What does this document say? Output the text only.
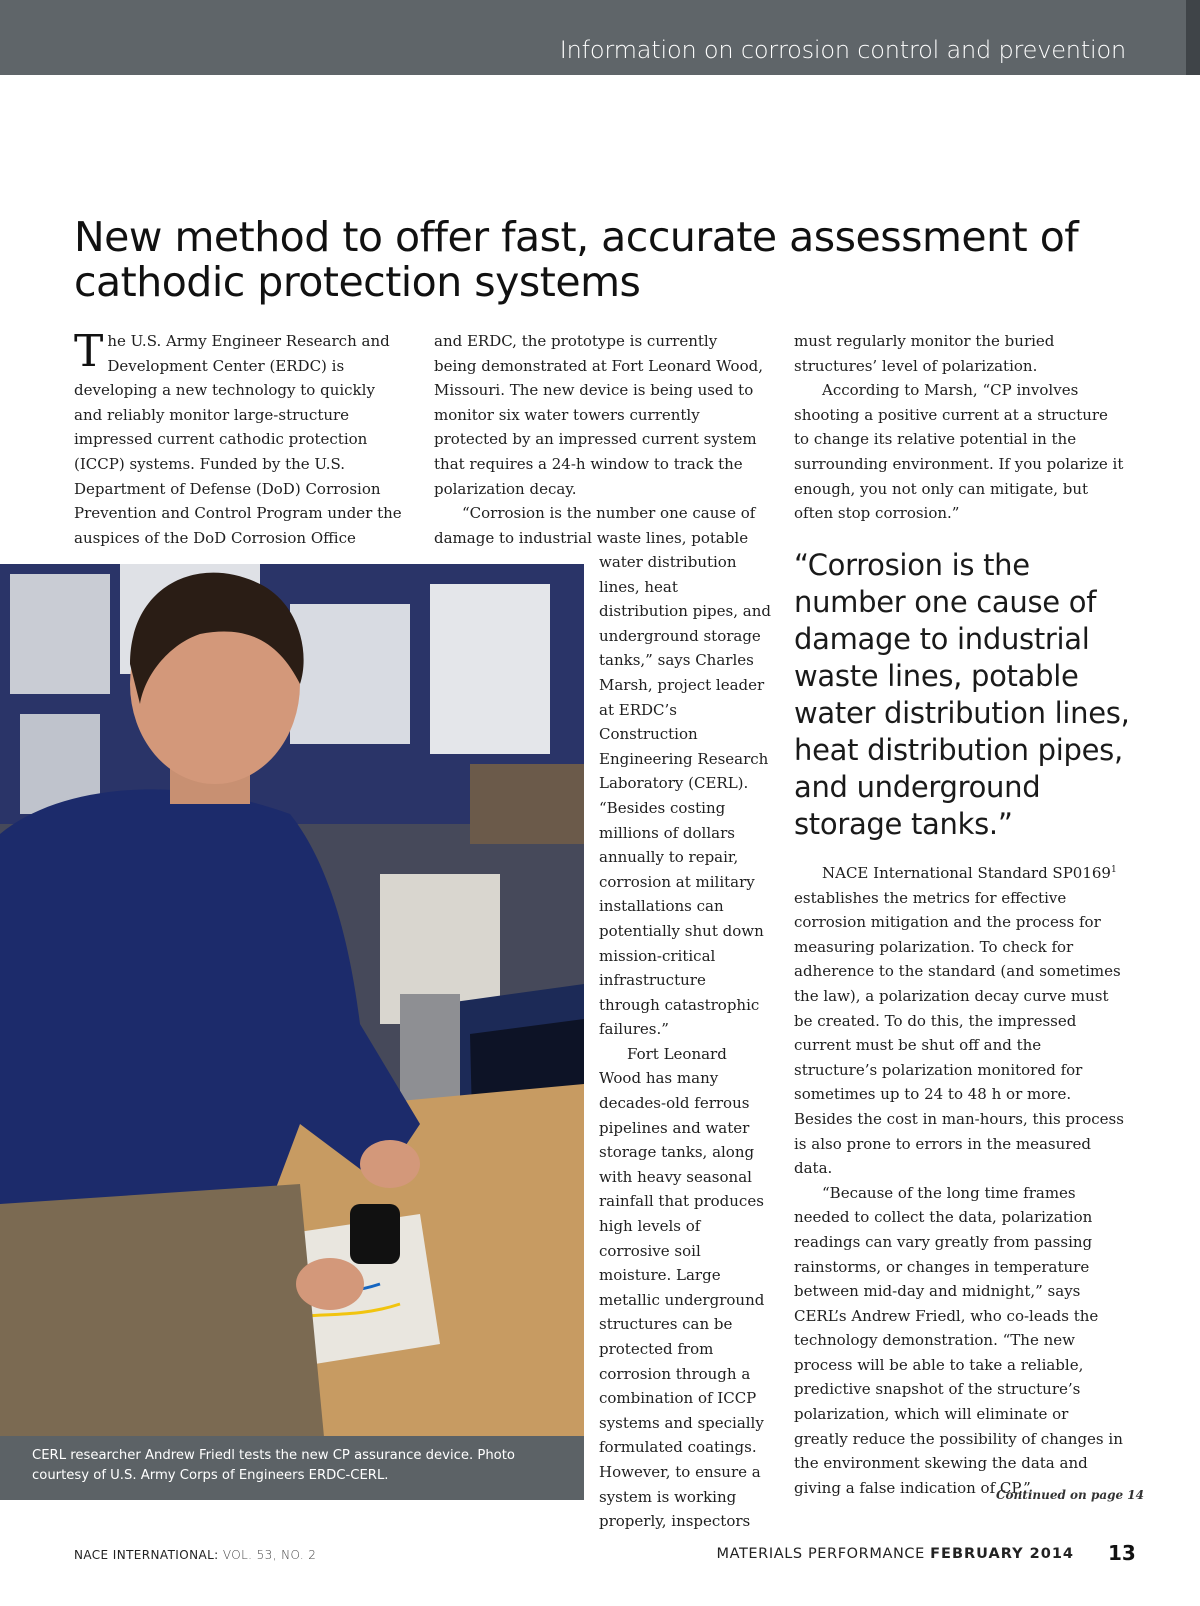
Information on corrosion control and prevention
New method to offer fast, accurate assessment of cathodic protection systems

The U.S. Army Engineer Research and Development Center (ERDC) is developing a new technology to quickly and reliably monitor large-structure impressed current cathodic protection (ICCP) systems. Funded by the U.S. Department of Defense (DoD) Corrosion Prevention and Control Program under the auspices of the DoD Corrosion Office

and ERDC, the prototype is currently being demonstrated at Fort Leonard Wood, Missouri. The new device is being used to monitor six water towers currently protected by an impressed current system that requires a 24-h window to track the polarization decay.

“Corrosion is the number one cause of damage to industrial waste lines, potable

water distribution lines, heat distribution pipes, and underground storage tanks,” says Charles Marsh, project leader at ERDC’s Construction Engineering Research Laboratory (CERL). “Besides costing millions of dollars annually to repair, corrosion at military installations can potentially shut down mission-critical infrastructure through catastrophic failures.”

Fort Leonard Wood has many decades-old ferrous pipelines and water storage tanks, along with heavy seasonal rainfall that produces high levels of corrosive soil moisture. Large metallic underground structures can be protected from corrosion through a combination of ICCP systems and specially formulated coatings. However, to ensure a system is working properly, inspectors

must regularly monitor the buried structures’ level of polarization.

According to Marsh, “CP involves shooting a positive current at a structure to change its relative potential in the surrounding environment. If you polarize it enough, you not only can mitigate, but often stop corrosion.”

“Corrosion is the number one cause of damage to industrial waste lines, potable water distribution lines, heat distribution pipes, and underground storage tanks.”

NACE International Standard SP0169$^1$ establishes the metrics for effective corrosion mitigation and the process for measuring polarization. To check for adherence to the standard (and sometimes the law), a polarization decay curve must be created. To do this, the impressed current must be shut off and the structure’s polarization monitored for sometimes up to 24 to 48 h or more. Besides the cost in man-hours, this process is also prone to errors in the measured data.

“Because of the long time frames needed to collect the data, polarization readings can vary greatly from passing rainstorms, or changes in temperature between mid-day and midnight,” says CERL’s Andrew Friedl, who co-leads the technology demonstration. “The new process will be able to take a reliable, predictive snapshot of the structure’s polarization, which will eliminate or greatly reduce the possibility of changes in the environment skewing the data and giving a false indication of CP.”

Continued on page 14
CERL researcher Andrew Friedl tests the new CP assurance device. Photo courtesy of U.S. Army Corps of Engineers ERDC-CERL.
NACE INTERNATIONAL: VOL. 53, NO. 2	MATERIALS PERFORMANCE FEBRUARY 2014 13
